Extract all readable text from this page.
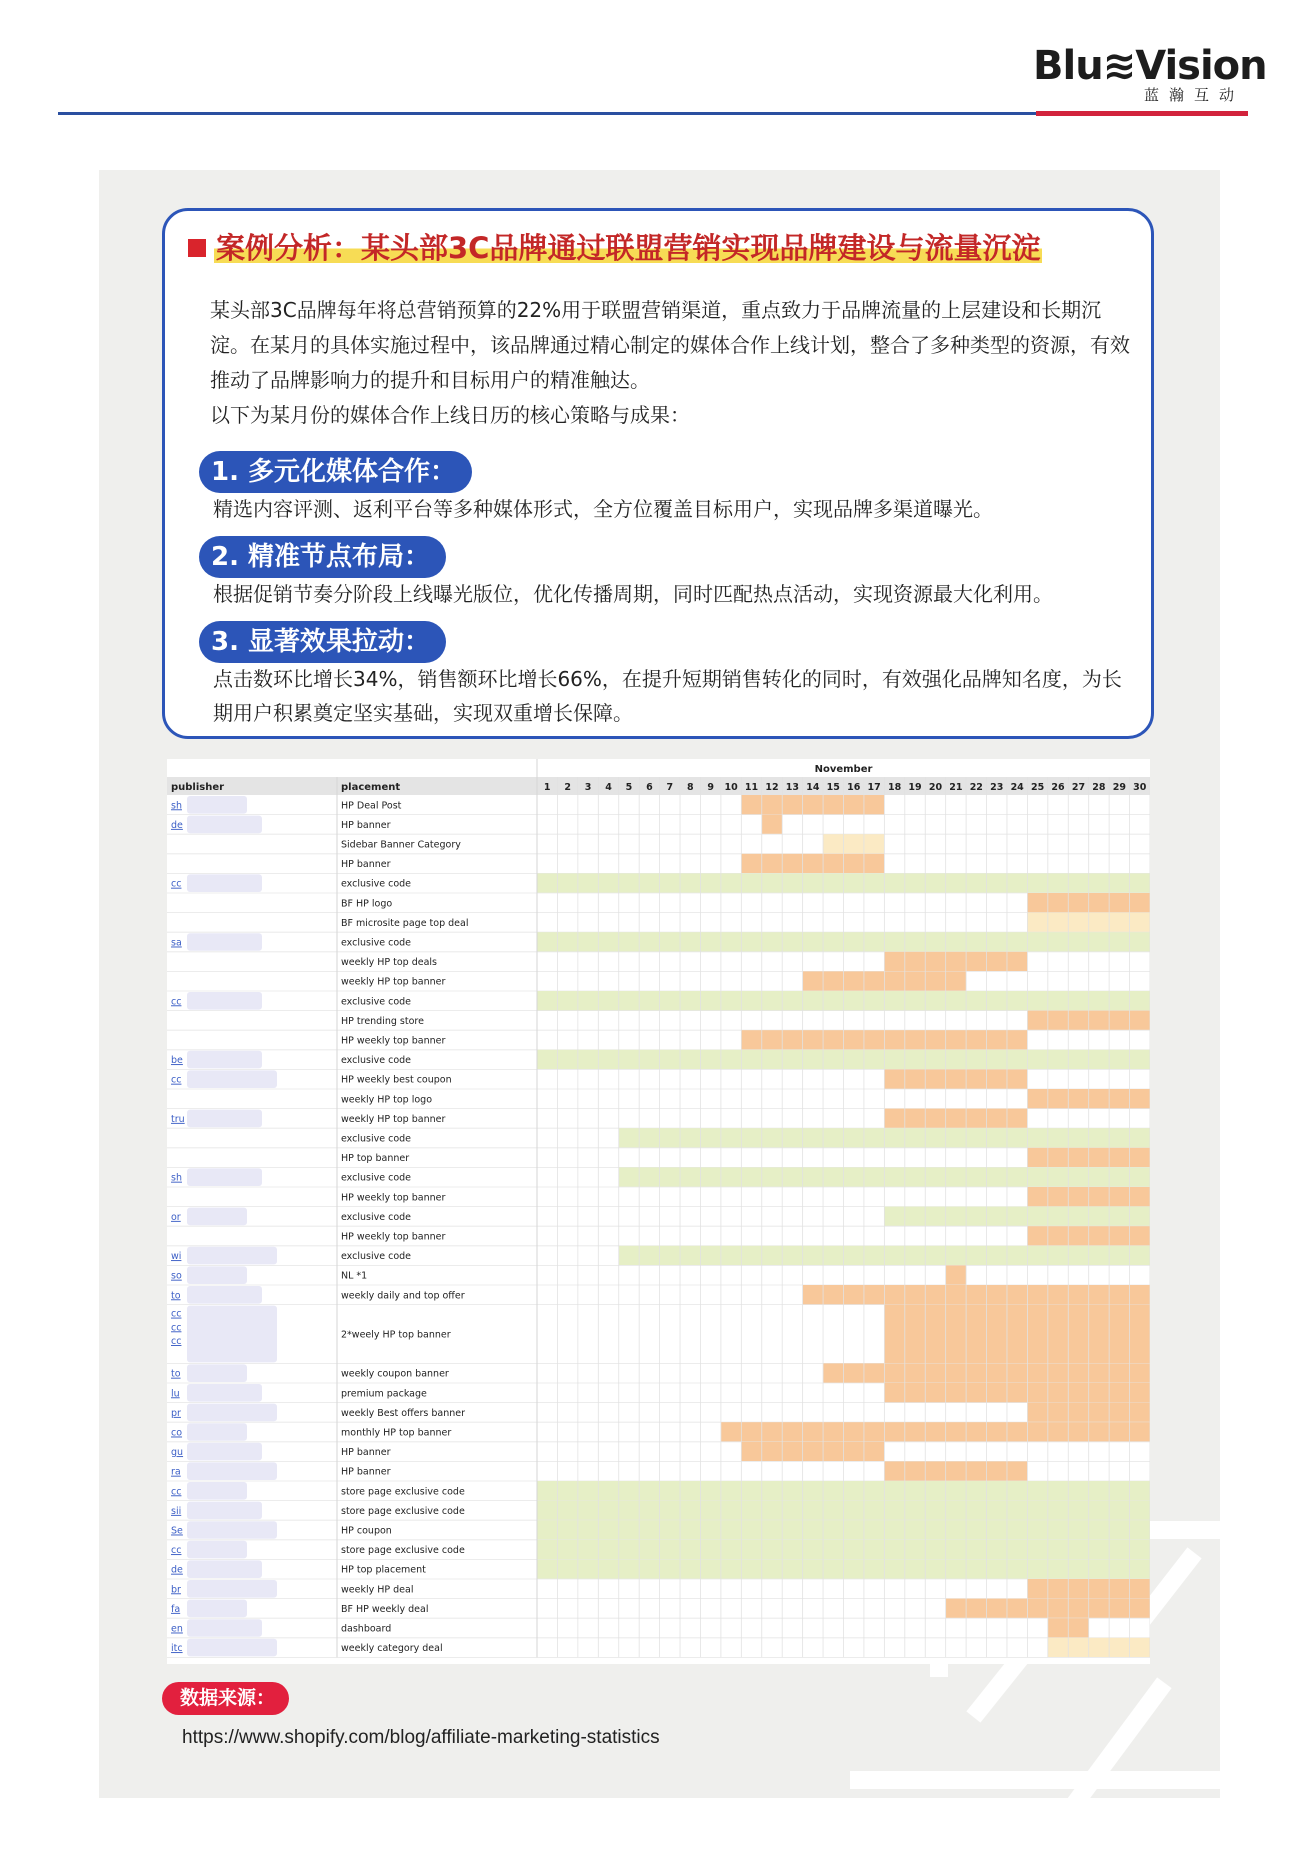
Blu≋Vision
蓝瀚互动
案例分析：某头部3C品牌通过联盟营销实现品牌建设与流量沉淀

某头部3C品牌每年将总营销预算的22%用于联盟营销渠道，重点致力于品牌流量的上层建设和长期沉淀。在某月的具体实施过程中，该品牌通过精心制定的媒体合作上线计划，整合了多种类型的资源，有效推动了品牌影响力的提升和目标用户的精准触达。

以下为某月份的媒体合作上线日历的核心策略与成果：

1. 多元化媒体合作：
精选内容评测、返利平台等多种媒体形式，全方位覆盖目标用户，实现品牌多渠道曝光。
2. 精准节点布局：
根据促销节奏分阶段上线曝光版位，优化传播周期，同时匹配热点活动，实现资源最大化利用。
3. 显著效果拉动：
点击数环比增长34%，销售额环比增长66%，在提升短期销售转化的同时，有效强化品牌知名度，为长期用户积累奠定坚实基础，实现双重增长保障。
November
publisher	placement	1 2 3 4 5 6 7 8 9 10 11 12 13 14 15 16 17 18 19 20 21 22 23 24 25 26 27 28 29 30
HP Deal Post
sh
HP banner
de
Sidebar Banner Category
HP banner
exclusive code
cc
BF HP logo
BF microsite page top deal
exclusive code
sa
weekly HP top deals
weekly HP top banner
exclusive code
cc
HP trending store
HP weekly top banner
exclusive code
be
HP weekly best coupon
cc
weekly HP top logo
weekly HP top banner
tru
exclusive code
HP top banner
exclusive code
sh
HP weekly top banner
exclusive code
or
HP weekly top banner
exclusive code
wi
NL *1
so
weekly daily and top offer
to
2*weely HP top banner
cc
cc
cc
weekly coupon banner
to
premium package
lu
weekly Best offers banner
pr
monthly HP top banner
co
HP banner
gu
HP banner
ra
store page exclusive code
cc
store page exclusive code
sii
HP coupon
Se
store page exclusive code
cc
HP top placement
de
weekly HP deal
br
BF HP weekly deal
fa
dashboard
en
weekly category deal
itc
数据来源：
https://www.shopify.com/blog/affiliate-marketing-statistics
